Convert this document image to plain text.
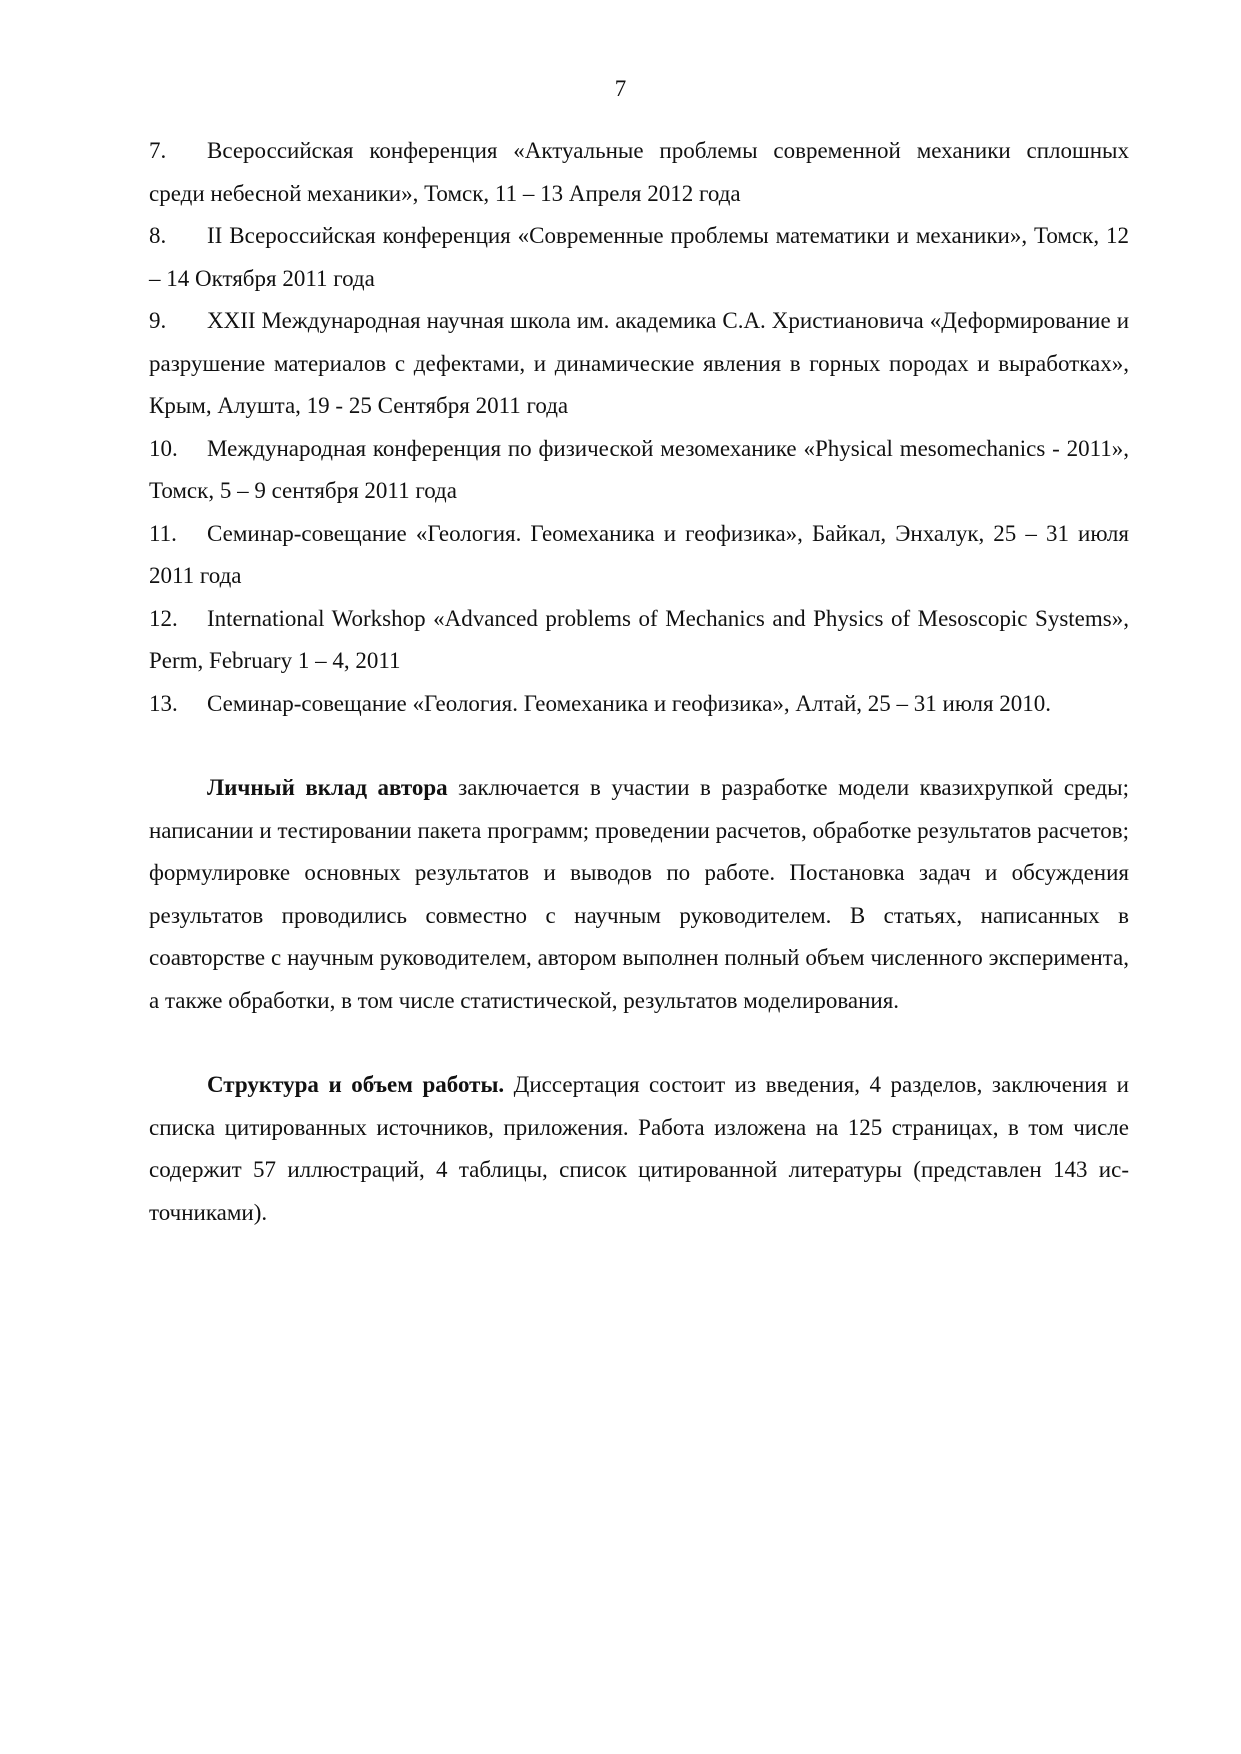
7
7. Всероссийская конференция «Актуальные проблемы современной механики сплошных среди небесной механики», Томск, 11 – 13 Апреля 2012 года
8. II Всероссийская конференция «Современные проблемы математики и механики», Томск, 12 – 14 Октября 2011 года
9. XXII Международная научная школа им. академика С.А. Христиановича «Деформирование и разрушение материалов с дефектами, и динамические явления в горных породах и выработках», Крым, Алушта, 19 - 25 Сентября 2011 года
10. Международная конференция по физической мезомеханике «Physical mesomechanics - 2011», Томск, 5 – 9 сентября 2011 года
11. Семинар-совещание «Геология. Геомеханика и геофизика», Байкал, Энхалук, 25 – 31 июля 2011 года
12. International Workshop «Advanced problems of Mechanics and Physics of Mesoscopic Systems», Perm, February 1 – 4, 2011
13. Семинар-совещание «Геология. Геомеханика и геофизика», Алтай, 25 – 31 июля 2010.

Личный вклад автора заключается в участии в разработке модели квазихрупкой среды; написании и тестировании пакета программ; проведении расчетов, обработке результатов расчетов; формулировке основных результатов и выводов по работе. Постановка задач и обсуждения результатов проводились совместно с научным руководителем. В статьях, написанных в соавторстве с научным руководителем, автором выполнен полный объем численного эксперимента, а также обработки, в том числе статистической, результатов моделирования.

Структура и объем работы. Диссертация состоит из введения, 4 разделов, заключения и списка цитированных источников, приложения. Работа изложена на 125 страницах, в том числе содержит 57 иллюстраций, 4 таблицы, список цитированной литературы (представлен 143 источниками).
